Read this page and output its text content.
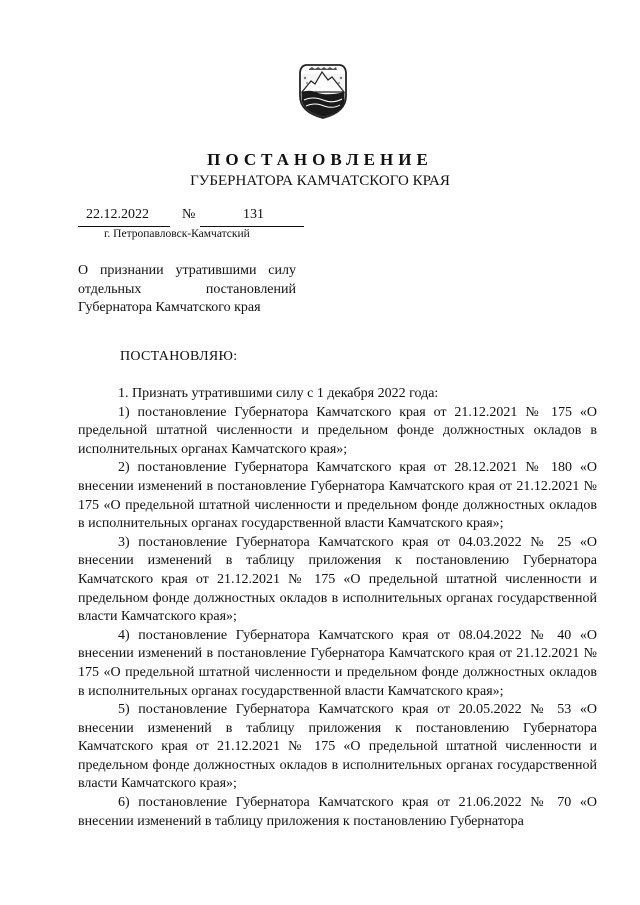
ПОСТАНОВЛЕНИЕ
ГУБЕРНАТОРА КАМЧАТСКОГО КРАЯ
22.12.2022 №	131
г. Петропавловск-Камчатский
О признании утратившими силу
отдельных постановлений
Губернатора Камчатского края
ПОСТАНОВЛЯЮ:

1. Признать утратившими силу с 1 декабря 2022 года:

1) постановление Губернатора Камчатского края от 21.12.2021 № 175 «О предельной штатной численности и предельном фонде должностных окладов в исполнительных органах Камчатского края»;

2) постановление Губернатора Камчатского края от 28.12.2021 № 180 «О внесении изменений в постановление Губернатора Камчатского края от 21.12.2021 № 175 «О предельной штатной численности и предельном фонде должностных окладов в исполнительных органах государственной власти Камчатского края»;

3) постановление Губернатора Камчатского края от 04.03.2022 № 25 «О внесении изменений в таблицу приложения к постановлению Губернатора Камчатского края от 21.12.2021 № 175 «О предельной штатной численности и предельном фонде должностных окладов в исполнительных органах государственной власти Камчатского края»;

4) постановление Губернатора Камчатского края от 08.04.2022 № 40 «О внесении изменений в постановление Губернатора Камчатского края от 21.12.2021 № 175 «О предельной штатной численности и предельном фонде должностных окладов в исполнительных органах государственной власти Камчатского края»;

5) постановление Губернатора Камчатского края от 20.05.2022 № 53 «О внесении изменений в таблицу приложения к постановлению Губернатора Камчатского края от 21.12.2021 № 175 «О предельной штатной численности и предельном фонде должностных окладов в исполнительных органах государственной власти Камчатского края»;

6) постановление Губернатора Камчатского края от 21.06.2022 № 70 «О внесении изменений в таблицу приложения к постановлению Губернатора
